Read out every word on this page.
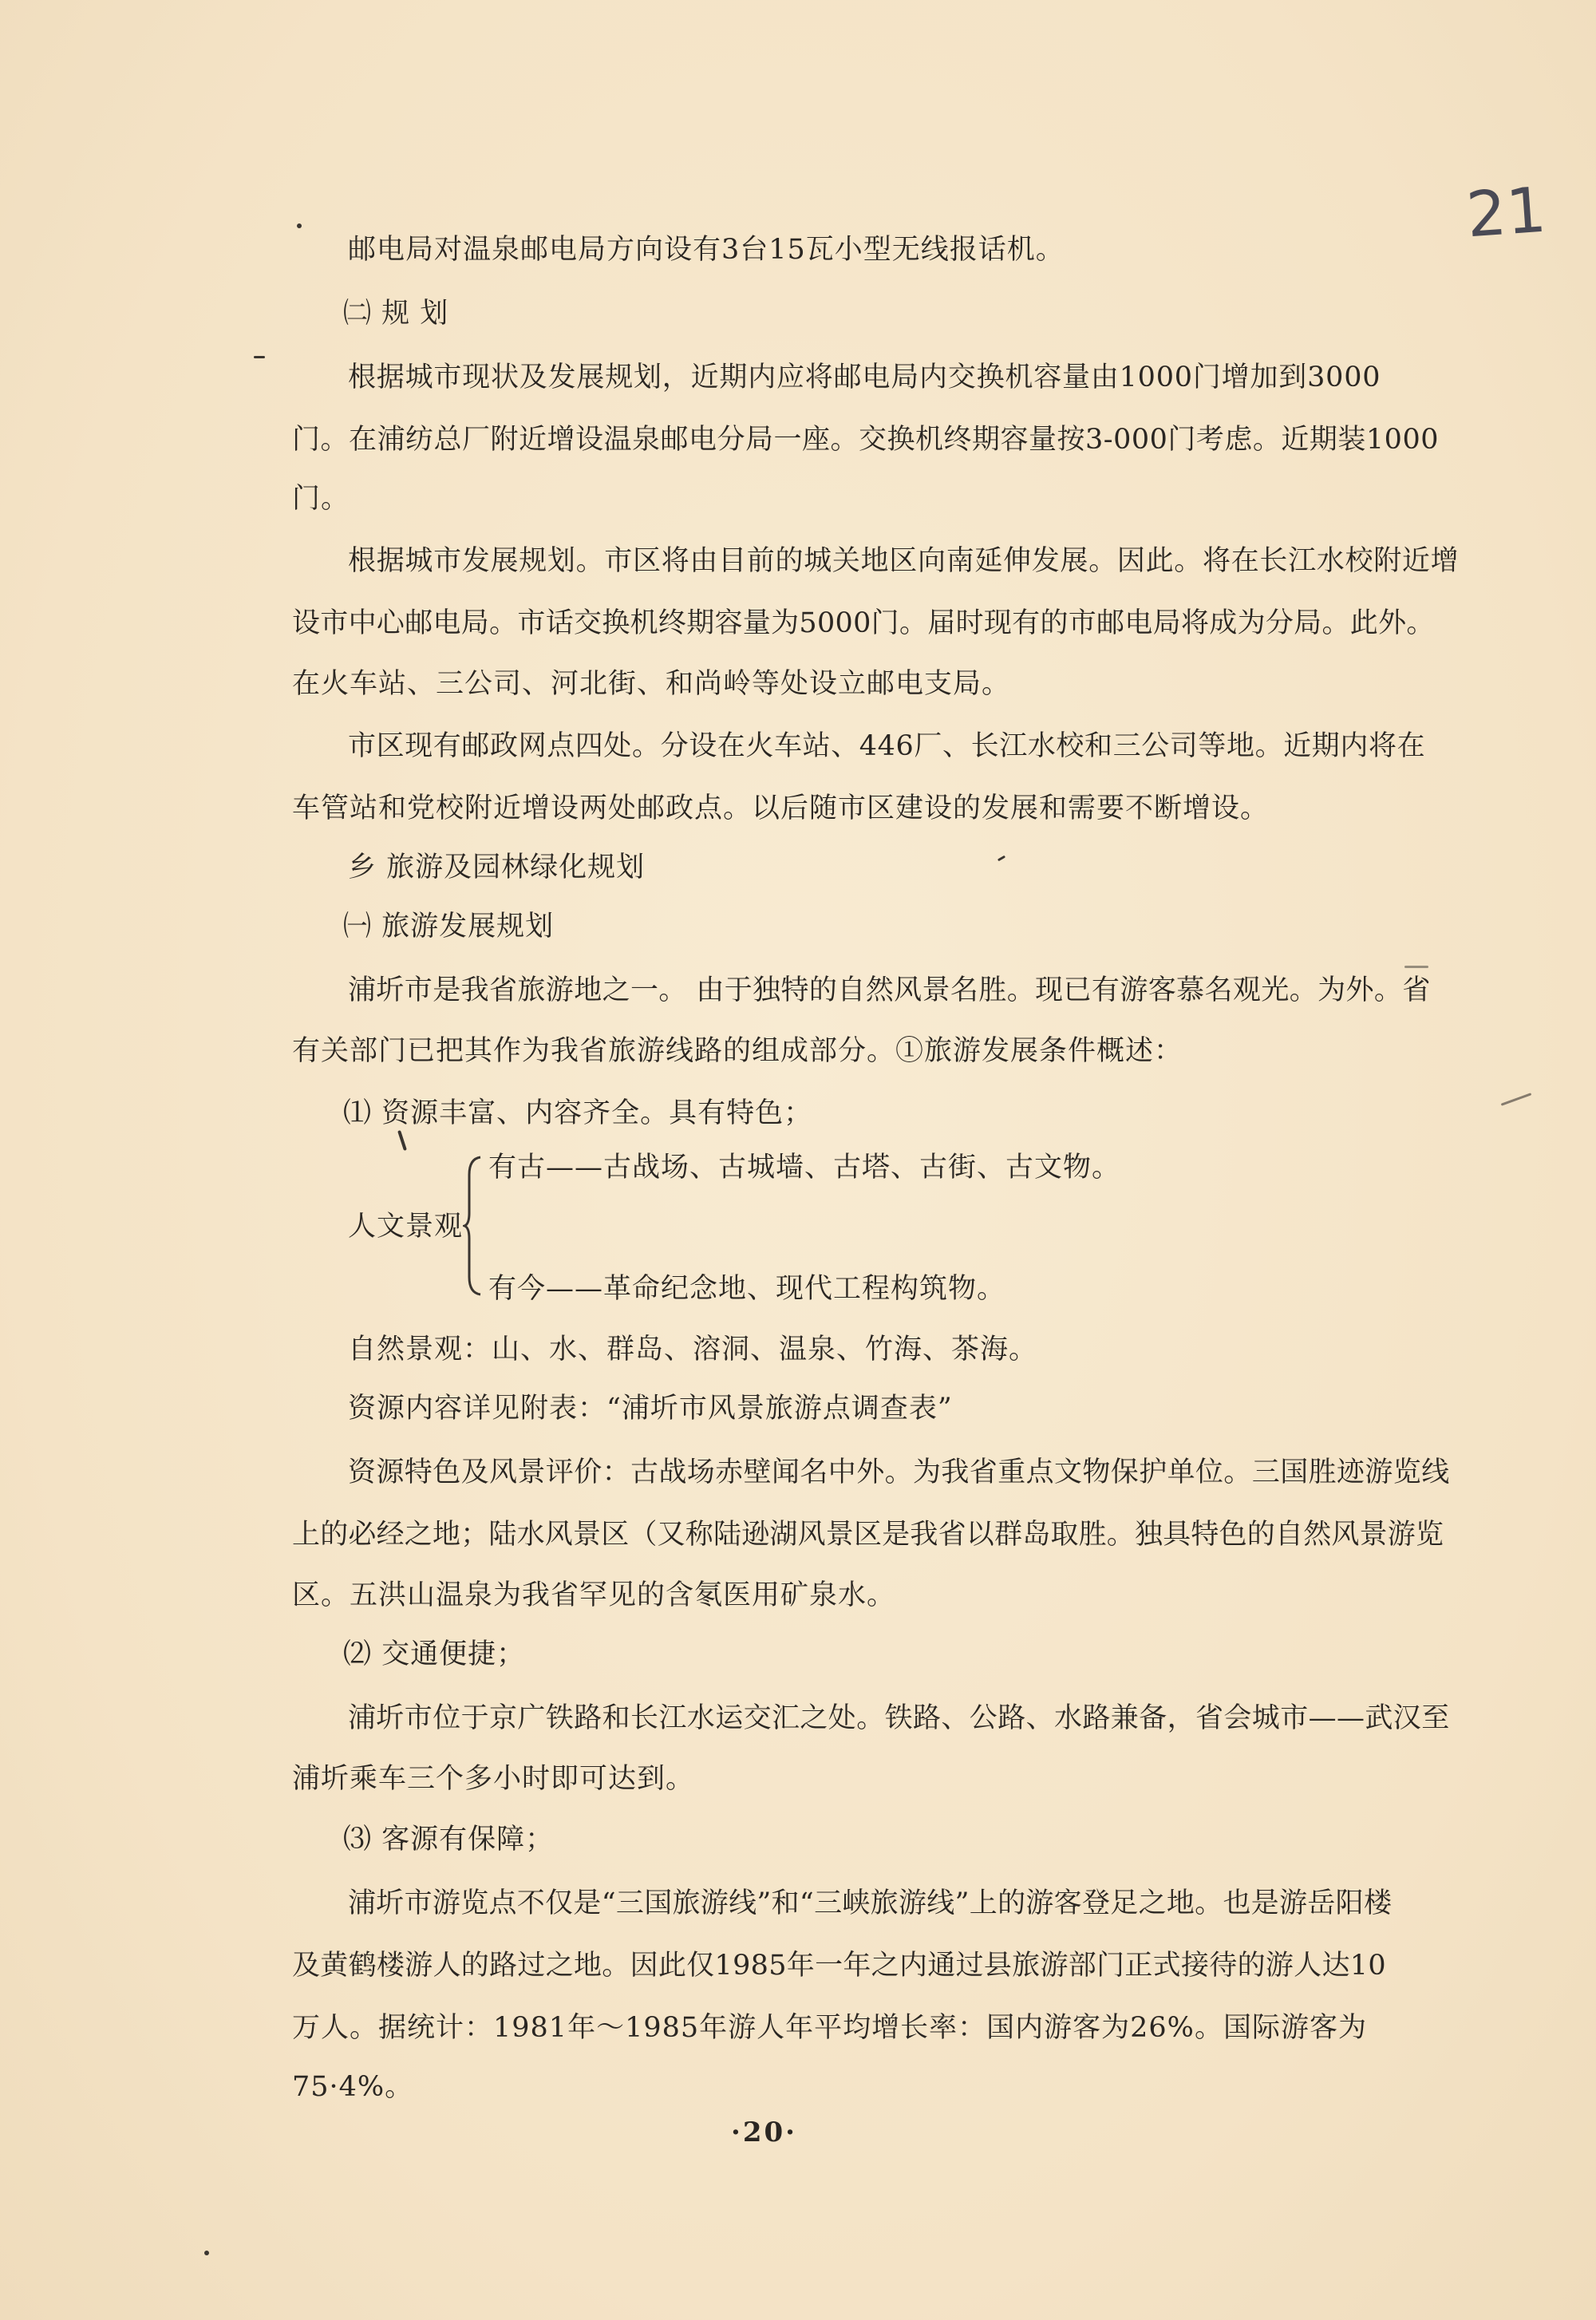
21
邮电局对温泉邮电局方向设有3台15瓦小型无线报话机。
㈡ 规 划
根据城市现状及发展规划，近期内应将邮电局内交换机容量由1000门增加到3000
门。在浦纺总厂附近增设温泉邮电分局一座。交换机终期容量按3-000门考虑。近期装1000
门。
根据城市发展规划。市区将由目前的城关地区向南延伸发展。因此。将在长江水校附近增
设市中心邮电局。市话交换机终期容量为5000门。届时现有的市邮电局将成为分局。此外。
在火车站、三公司、河北街、和尚岭等处设立邮电支局。
市区现有邮政网点四处。分设在火车站、446厂、长江水校和三公司等地。近期内将在
车管站和党校附近增设两处邮政点。以后随市区建设的发展和需要不断增设。
乡 旅游及园林绿化规划
㈠ 旅游发展规划
浦圻市是我省旅游地之一。 由于独特的自然风景名胜。现已有游客慕名观光。为外。省
有关部门已把其作为我省旅游线路的组成部分。①旅游发展条件概述：
⑴ 资源丰富、内容齐全。具有特色；
有古——古战场、古城墙、古塔、古街、古文物。
人文景观
有今——革命纪念地、现代工程构筑物。
自然景观：山、水、群岛、溶洞、温泉、竹海、茶海。
资源内容详见附表：“浦圻市风景旅游点调查表”
资源特色及风景评价：古战场赤壁闻名中外。为我省重点文物保护单位。三国胜迹游览线
上的必经之地；陆水风景区（又称陆逊湖风景区是我省以群岛取胜。独具特色的自然风景游览
区。五洪山温泉为我省罕见的含氡医用矿泉水。
⑵ 交通便捷；
浦圻市位于京广铁路和长江水运交汇之处。铁路、公路、水路兼备，省会城市——武汉至
浦圻乘车三个多小时即可达到。
⑶ 客源有保障；
浦圻市游览点不仅是“三国旅游线”和“三峡旅游线”上的游客登足之地。也是游岳阳楼
及黄鹤楼游人的路过之地。因此仅1985年一年之内通过县旅游部门正式接待的游人达10
万人。据统计：1981年～1985年游人年平均增长率：国内游客为26%。国际游客为
75·4%。
·20·
